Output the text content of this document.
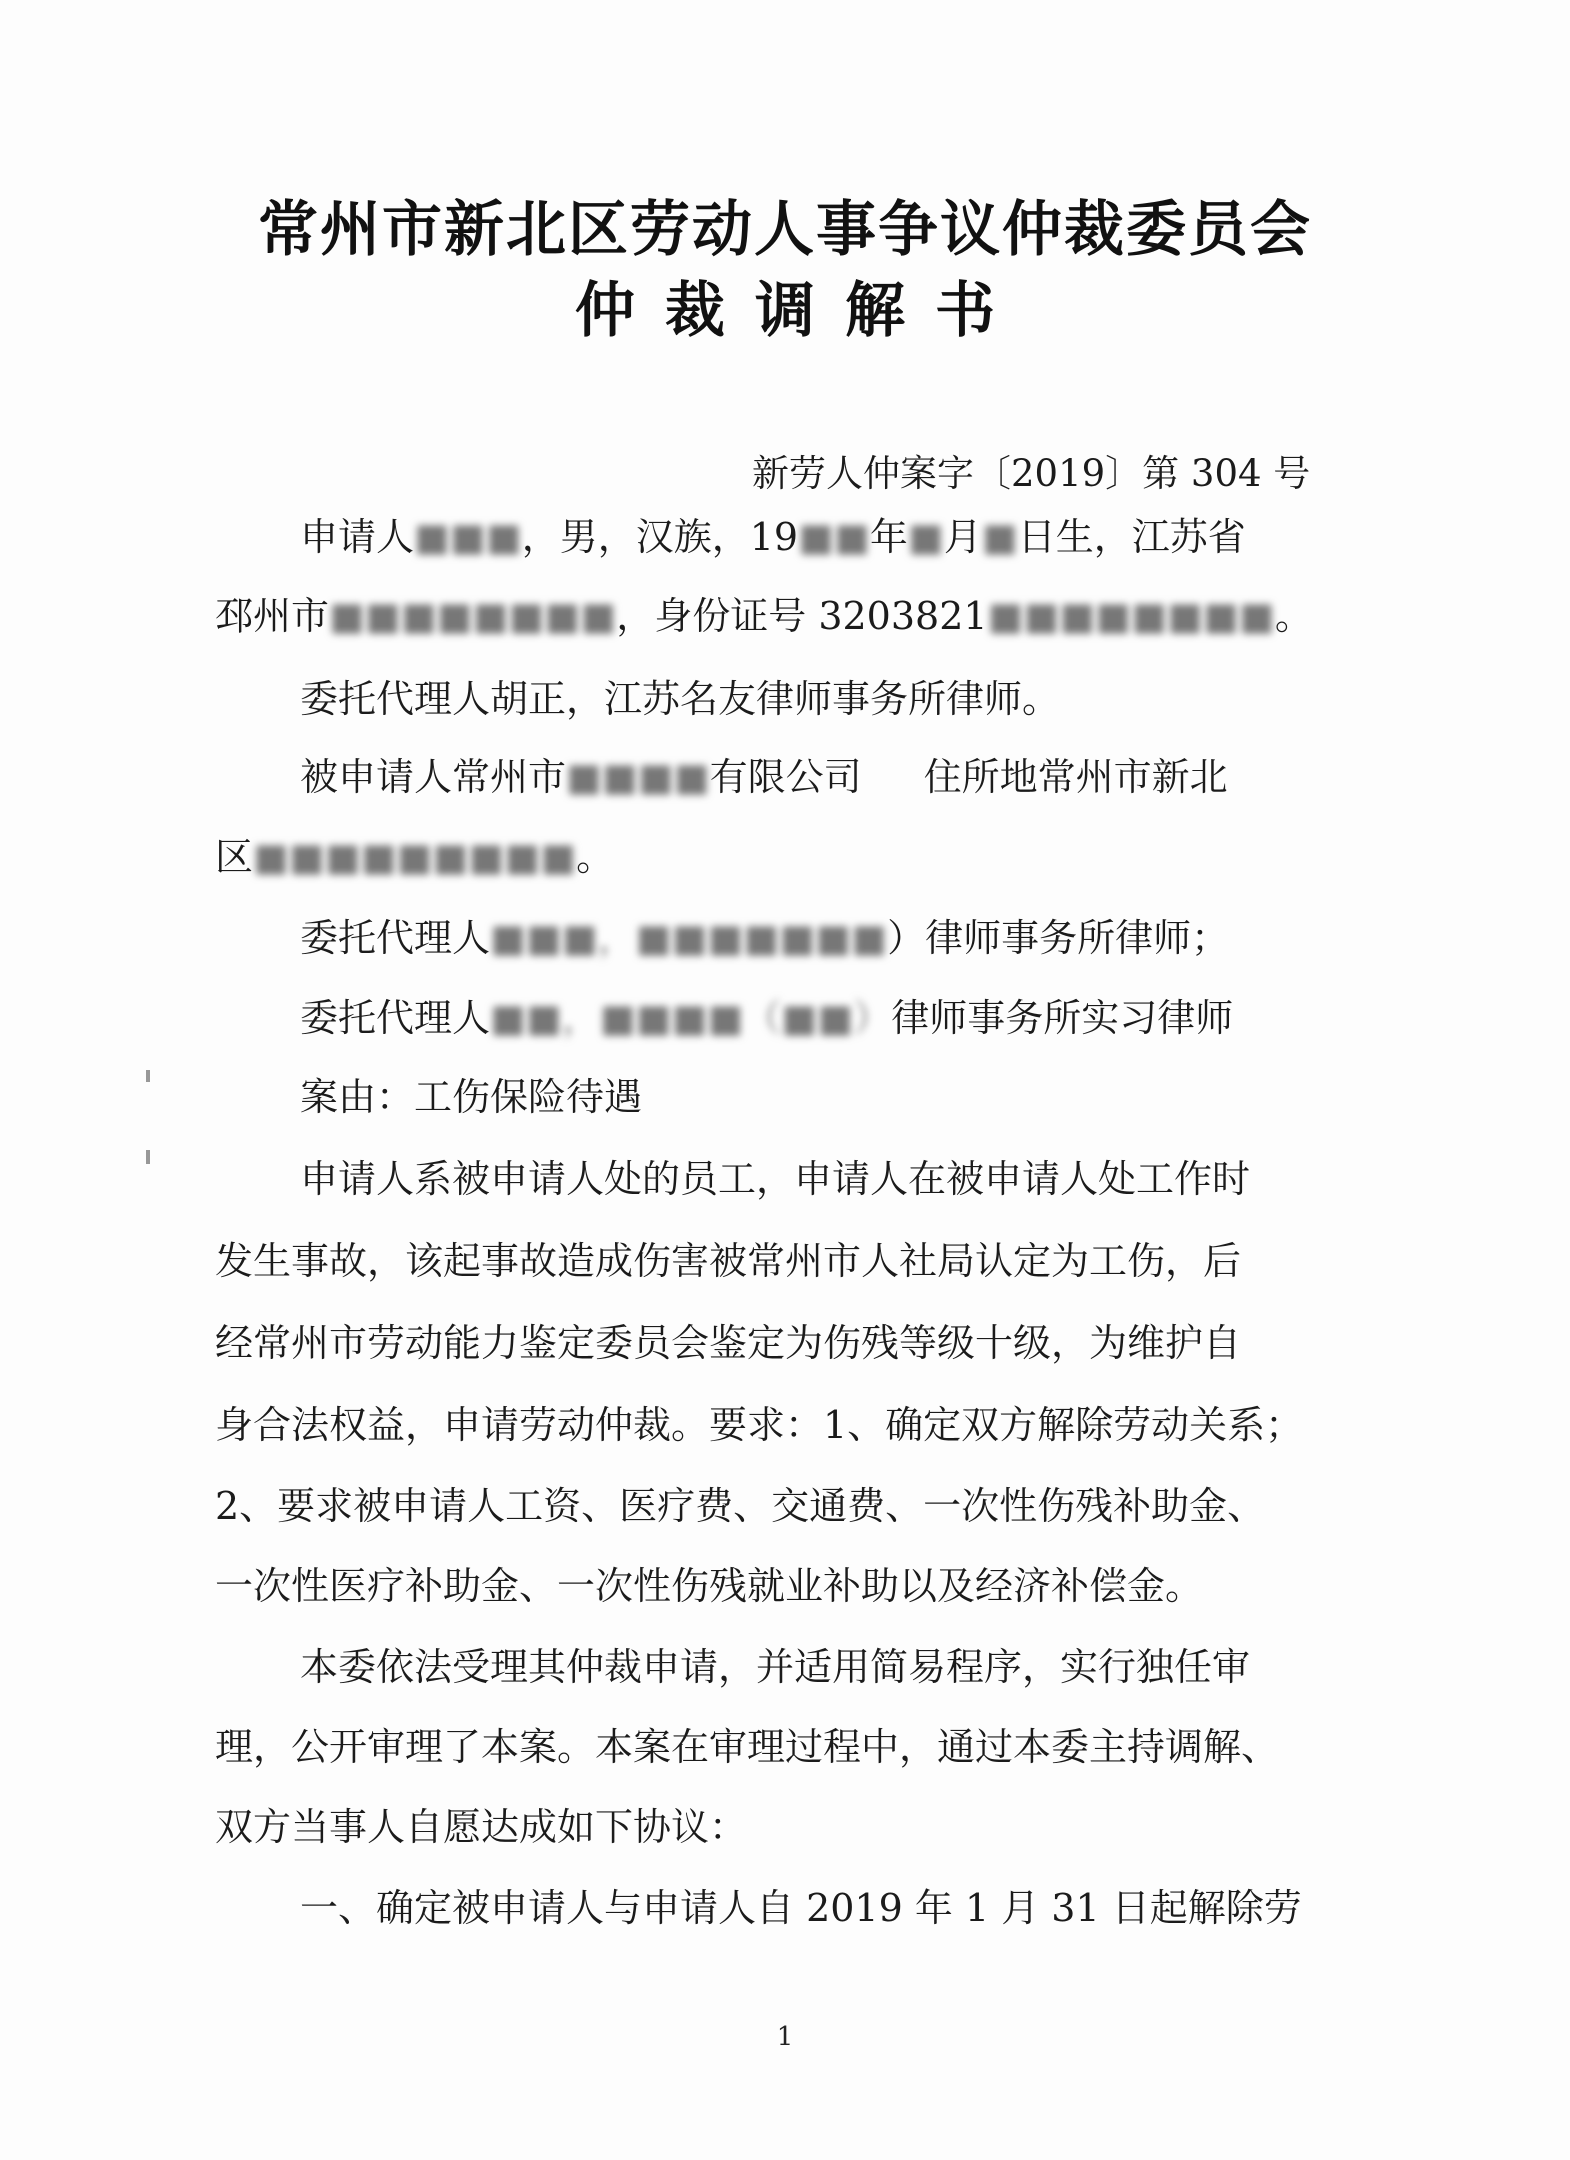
常州市新北区劳动人事争议仲裁委员会
仲裁调解书
新劳人仲案字〔2019〕第 304 号
申请人■■■，男，汉族，19■■年■月■日生，江苏省
邳州市■■■■■■■■，身份证号 3203821■■■■■■■■。
委托代理人胡正，江苏名友律师事务所律师。
被申请人常州市■■■■有限公司 住所地常州市新北
区■■■■■■■■■。
委托代理人■■■，■■■■■■■）律师事务所律师；
委托代理人■■，■■■■（■■）律师事务所实习律师
案由：工伤保险待遇
申请人系被申请人处的员工，申请人在被申请人处工作时
发生事故，该起事故造成伤害被常州市人社局认定为工伤，后
经常州市劳动能力鉴定委员会鉴定为伤残等级十级，为维护自
身合法权益，申请劳动仲裁。要求：1、确定双方解除劳动关系；
2、要求被申请人工资、医疗费、交通费、一次性伤残补助金、
一次性医疗补助金、一次性伤残就业补助以及经济补偿金。
本委依法受理其仲裁申请，并适用简易程序，实行独任审
理，公开审理了本案。本案在审理过程中，通过本委主持调解、
双方当事人自愿达成如下协议：
一、确定被申请人与申请人自 2019 年 1 月 31 日起解除劳
1
